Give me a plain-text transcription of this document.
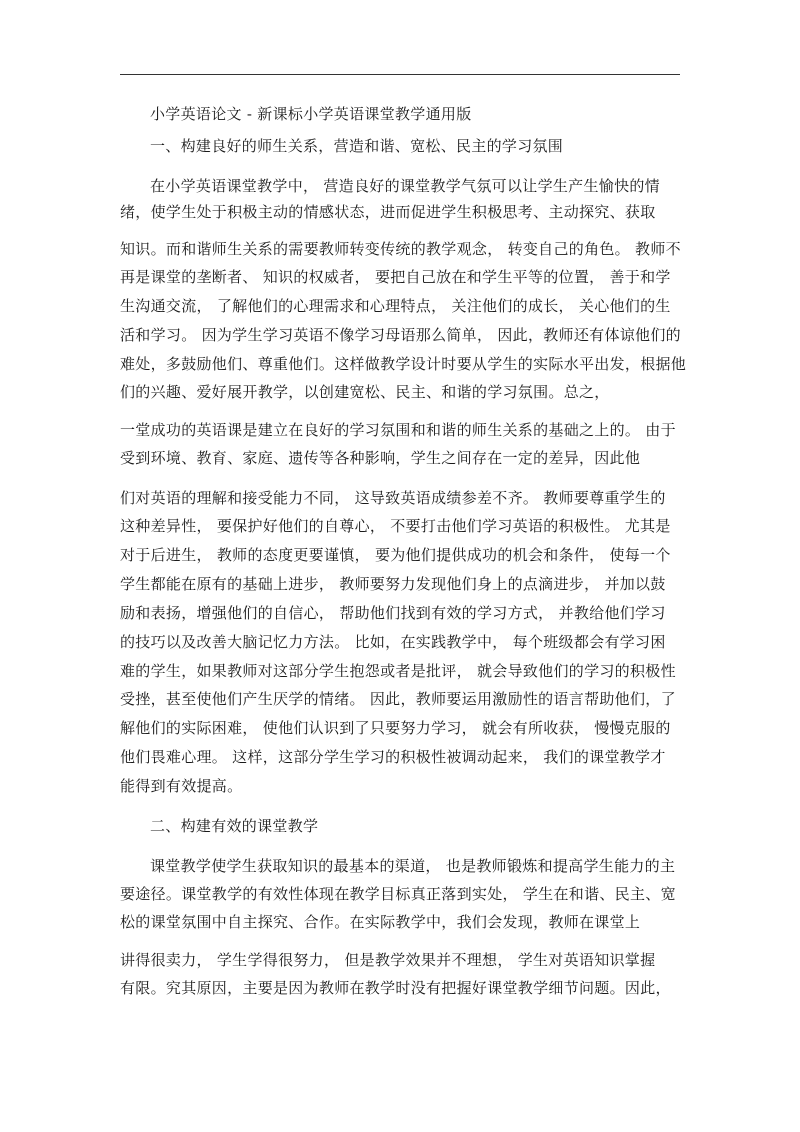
小学英语论文 - 新课标小学英语课堂教学通用版
一、构建良好的师生关系，营造和谐、宽松、民主的学习氛围
在小学英语课堂教学中， 营造良好的课堂教学气氛可以让学生产生愉快的情
绪，使学生处于积极主动的情感状态，进而促进学生积极思考、主动探究、获取
知识。而和谐师生关系的需要教师转变传统的教学观念， 转变自己的角色。 教师不
再是课堂的垄断者、 知识的权威者， 要把自己放在和学生平等的位置， 善于和学
生沟通交流， 了解他们的心理需求和心理特点， 关注他们的成长， 关心他们的生
活和学习。 因为学生学习英语不像学习母语那么简单， 因此，教师还有体谅他们的
难处，多鼓励他们、尊重他们。这样做教学设计时要从学生的实际水平出发，根据他
们的兴趣、爱好展开教学，以创建宽松、民主、和谐的学习氛围。总之，
一堂成功的英语课是建立在良好的学习氛围和和谐的师生关系的基础之上的。 由于
受到环境、教育、家庭、遗传等各种影响，学生之间存在一定的差异，因此他
们对英语的理解和接受能力不同， 这导致英语成绩参差不齐。 教师要尊重学生的
这种差异性， 要保护好他们的自尊心， 不要打击他们学习英语的积极性。 尤其是
对于后进生， 教师的态度更要谨慎， 要为他们提供成功的机会和条件， 使每一个
学生都能在原有的基础上进步， 教师要努力发现他们身上的点滴进步， 并加以鼓
励和表扬，增强他们的自信心， 帮助他们找到有效的学习方式， 并教给他们学习
的技巧以及改善大脑记忆力方法。 比如，在实践教学中， 每个班级都会有学习困
难的学生，如果教师对这部分学生抱怨或者是批评， 就会导致他们的学习的积极性
受挫，甚至使他们产生厌学的情绪。 因此，教师要运用激励性的语言帮助他们，了
解他们的实际困难， 使他们认识到了只要努力学习， 就会有所收获， 慢慢克服的
他们畏难心理。 这样，这部分学生学习的积极性被调动起来， 我们的课堂教学才
能得到有效提高。
二、构建有效的课堂教学
课堂教学使学生获取知识的最基本的渠道， 也是教师锻炼和提高学生能力的主
要途径。课堂教学的有效性体现在教学目标真正落到实处， 学生在和谐、民主、宽
松的课堂氛围中自主探究、合作。在实际教学中，我们会发现，教师在课堂上
讲得很卖力， 学生学得很努力， 但是教学效果并不理想， 学生对英语知识掌握
有限。究其原因，主要是因为教师在教学时没有把握好课堂教学细节问题。因此，
